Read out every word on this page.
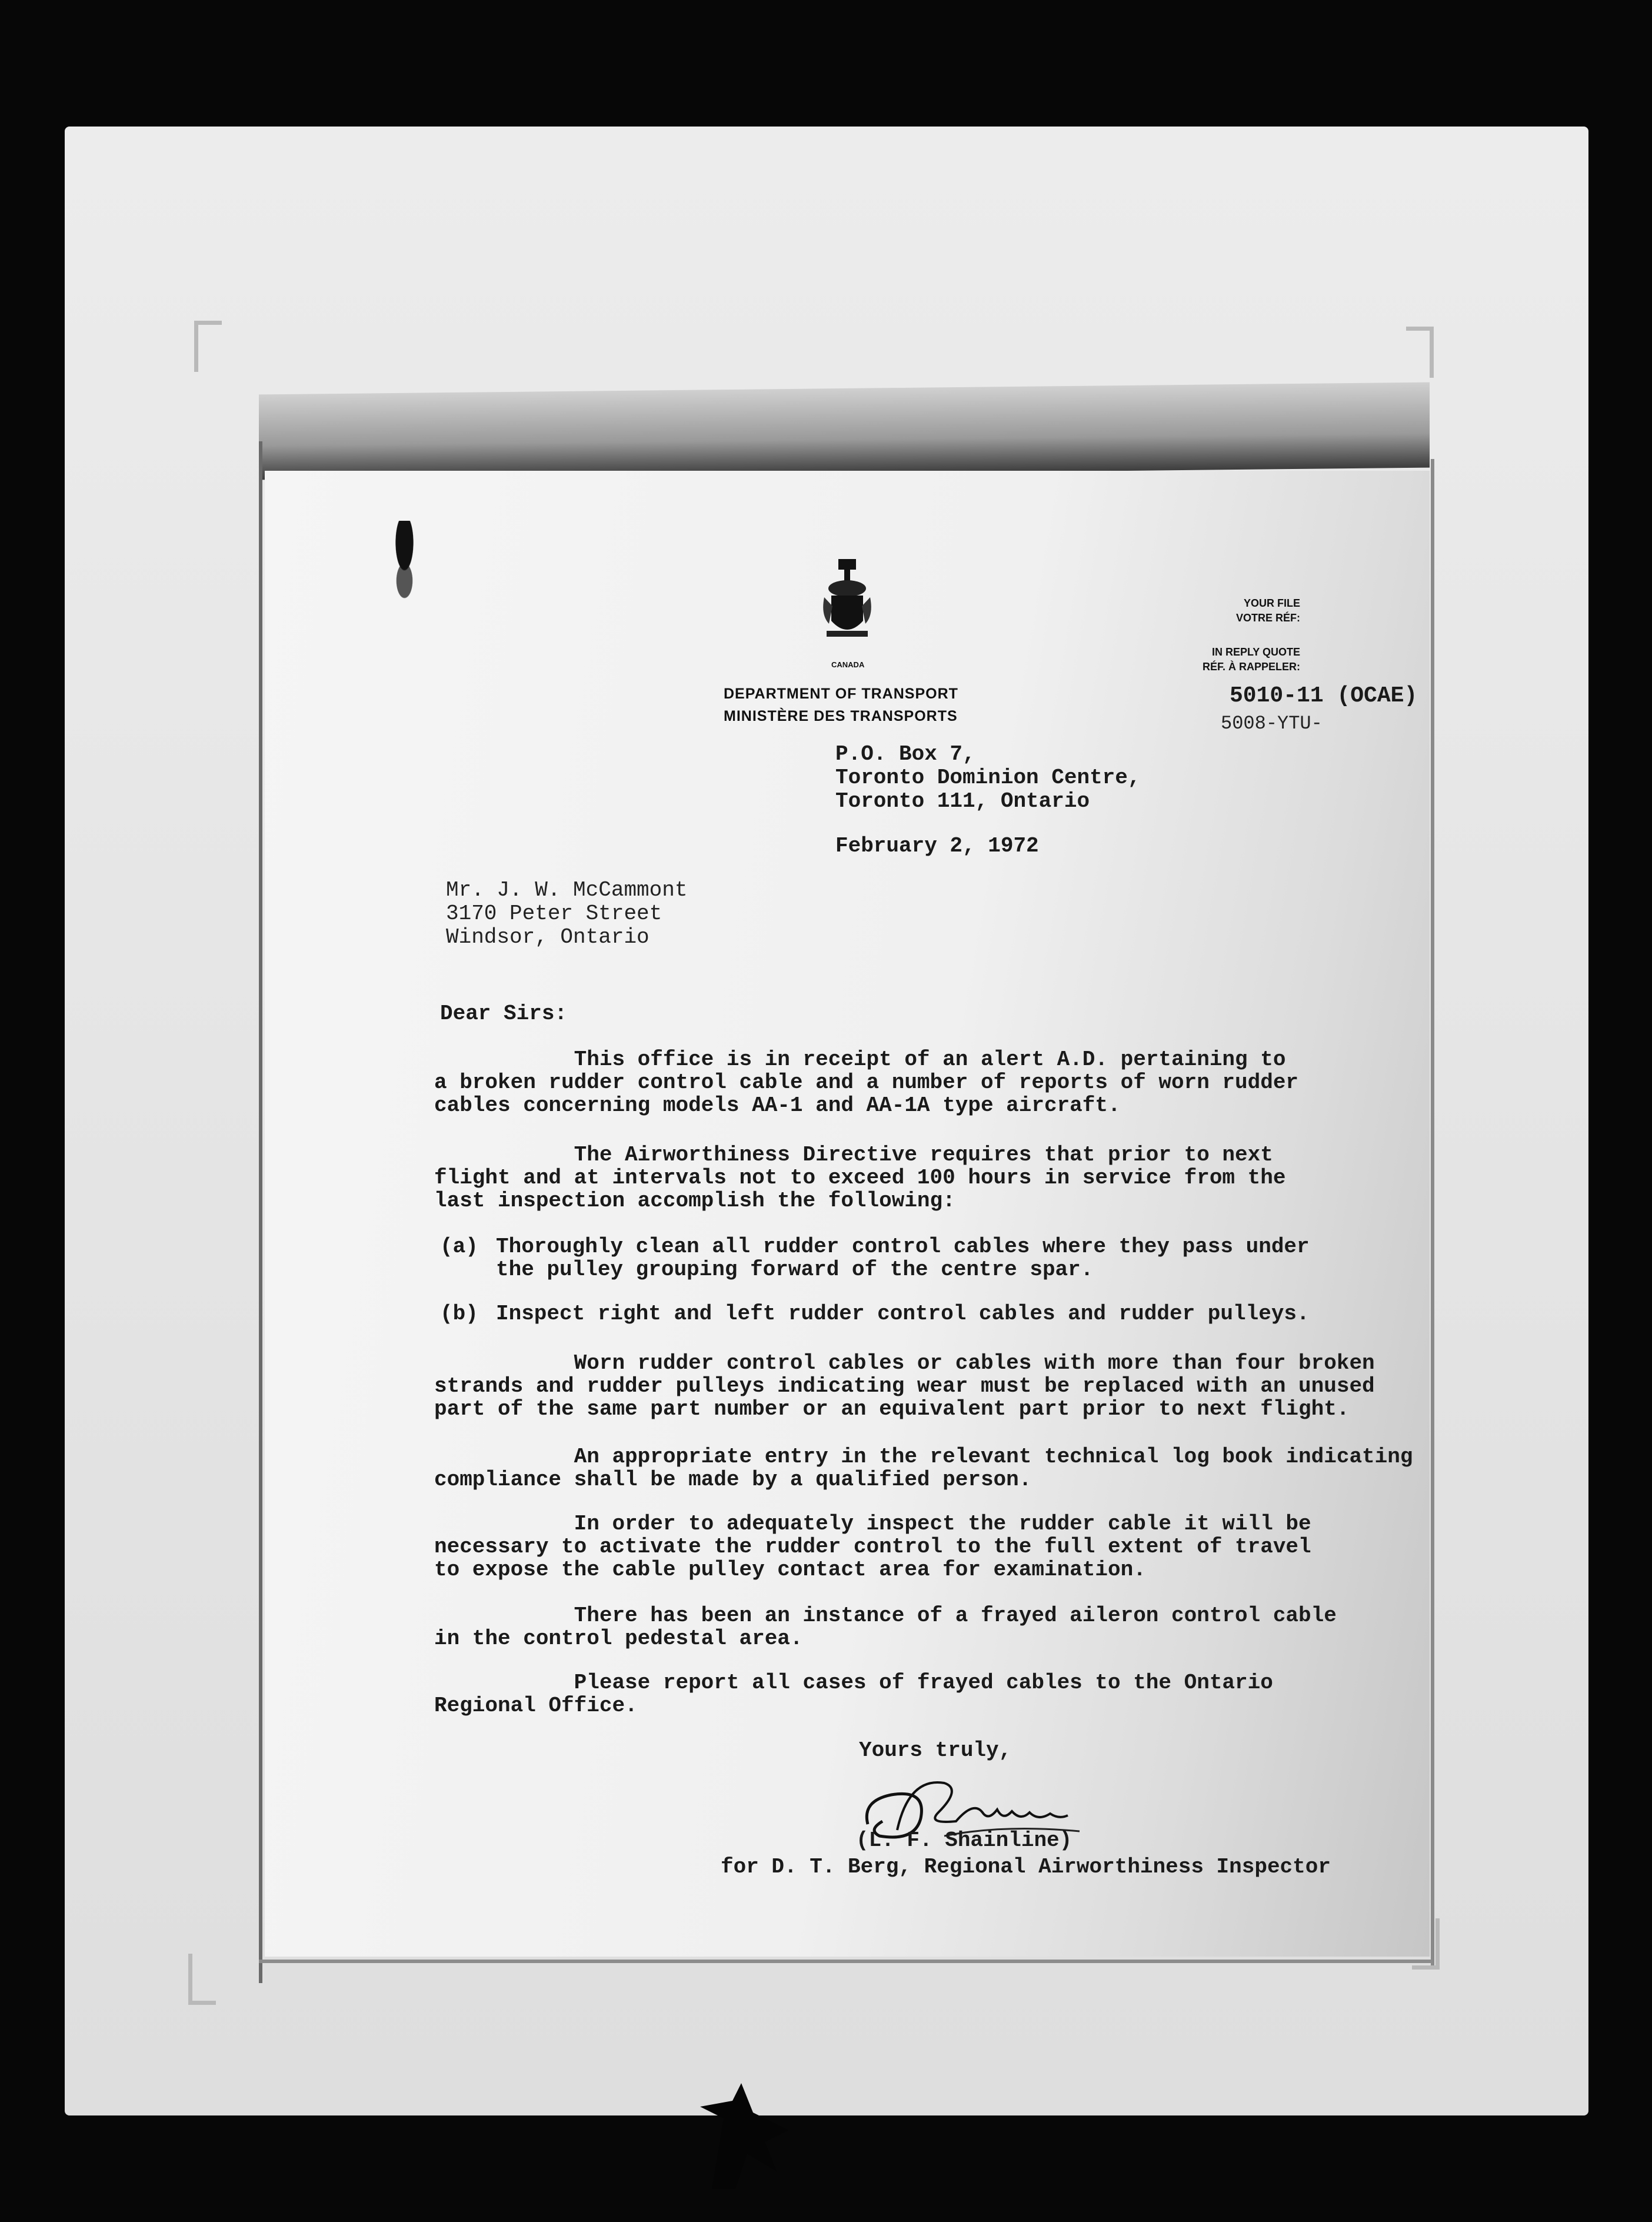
CANADA
DEPARTMENT OF TRANSPORT
MINISTÈRE DES TRANSPORTS
YOUR FILE
VOTRE RÉF:
IN REPLY QUOTE
RÉF. À RAPPELER:
5010-11 (OCAE)
5008-YTU-
P.O. Box 7,
Toronto Dominion Centre,
Toronto 111, Ontario
February 2, 1972
Mr. J. W. McCammont
3170 Peter Street
Windsor, Ontario
Dear Sirs:
This office is in receipt of an alert A.D. pertaining to
a broken rudder control cable and a number of reports of worn rudder
cables concerning models AA-1 and AA-1A type aircraft.
The Airworthiness Directive requires that prior to next
flight and at intervals not to exceed 100 hours in service from the
last inspection accomplish the following:
(a) Thoroughly clean all rudder control cables where they pass under
the pulley grouping forward of the centre spar.
(b) Inspect right and left rudder control cables and rudder pulleys.
Worn rudder control cables or cables with more than four broken
strands and rudder pulleys indicating wear must be replaced with an unused
part of the same part number or an equivalent part prior to next flight.
An appropriate entry in the relevant technical log book indicating
compliance shall be made by a qualified person.
In order to adequately inspect the rudder cable it will be
necessary to activate the rudder control to the full extent of travel
to expose the cable pulley contact area for examination.
There has been an instance of a frayed aileron control cable
in the control pedestal area.
Please report all cases of frayed cables to the Ontario
Regional Office.
Yours truly,
(L. F. Shainline)
for D. T. Berg, Regional Airworthiness Inspector
